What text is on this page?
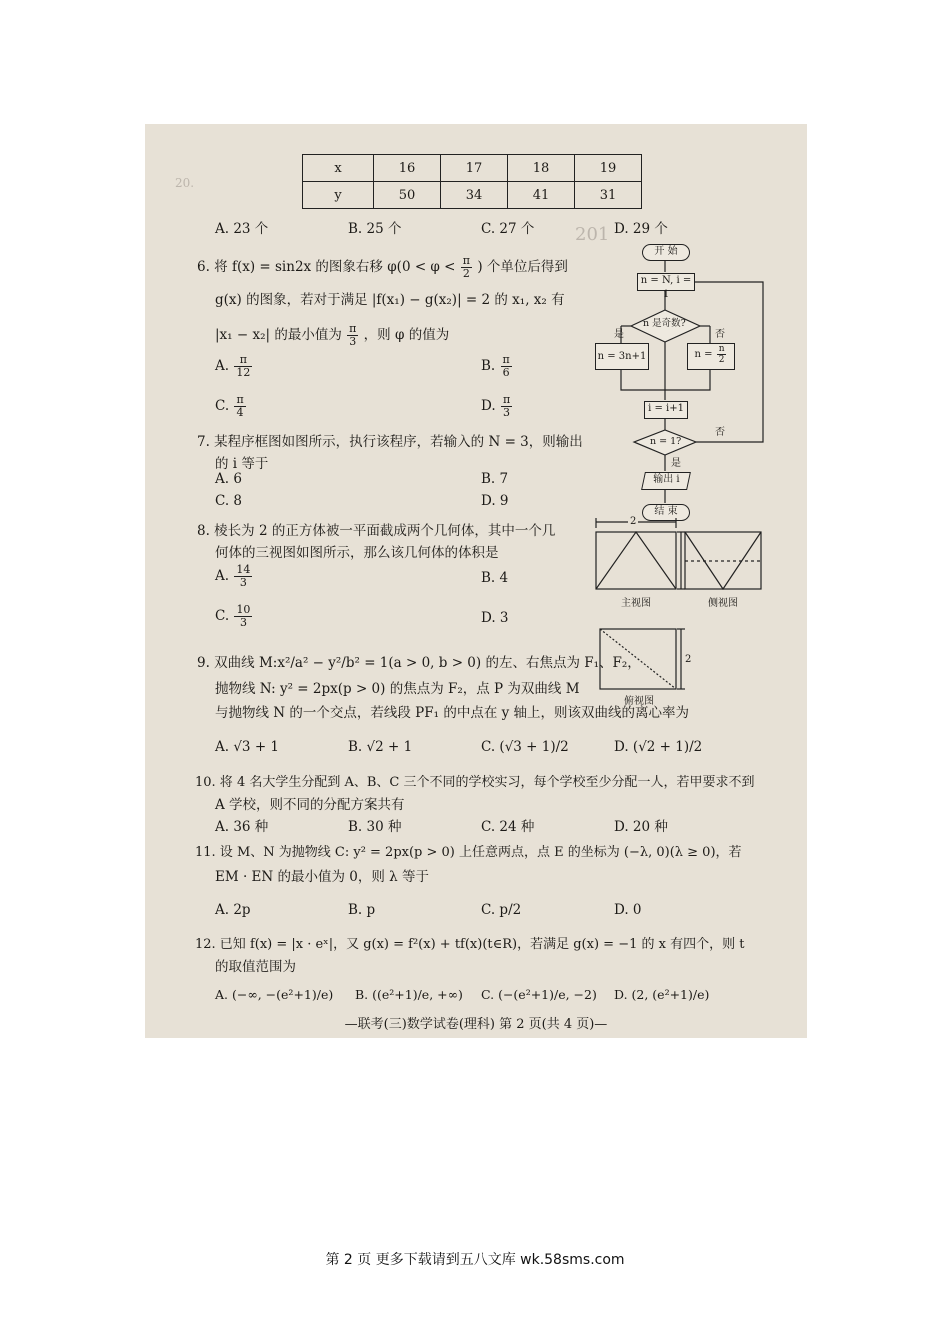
20.
201
x	16	17	18	19
y	50	34	41	31
A. 23 个	B. 25 个	C. 27 个	D. 29 个
6. 将 f(x) = sin2x 的图象右移 $\varphi(0 < \varphi < \frac{\pi}{2}$ ) 个单位后得到
g(x) 的图象，若对于满足 |f(x₁) − g(x₂)| = 2 的 x₁, x₂ 有
|x₁ − x₂| 的最小值为 $\frac{\pi}{3}$ ，则 φ 的值为
A. $\frac{\pi}{12}$	B. $\frac{\pi}{6}$
C. $\frac{\pi}{4}$	D. $\frac{\pi}{3}$
7. 某程序框图如图所示，执行该程序，若输入的 N = 3，则输出
的 i 等于
A. 6	B. 7
C. 8	D. 9
开 始
n = N, i = 1
n 是奇数?
是	否
n = 3n+1	$n = \frac{n}{2}$
i = i+1
否
n = 1?
是
输出 i
结 束
8. 棱长为 2 的正方体被一平面截成两个几何体，其中一个几
何体的三视图如图所示，那么该几何体的体积是
A. $\frac{14}{3}$	B. 4
C. $\frac{10}{3}$	D. 3
2
2
主视图	侧视图
俯视图
9. 双曲线 M:x²/a² − y²/b² = 1(a > 0, b > 0) 的左、右焦点为 F₁、F₂，
抛物线 N: y² = 2px(p > 0) 的焦点为 F₂，点 P 为双曲线 M
与抛物线 N 的一个交点，若线段 PF₁ 的中点在 y 轴上，则该双曲线的离心率为
A. √3 + 1	B. √2 + 1	C. (√3 + 1)/2	D. (√2 + 1)/2
10. 将 4 名大学生分配到 A、B、C 三个不同的学校实习，每个学校至少分配一人，若甲要求不到
A 学校，则不同的分配方案共有
A. 36 种	B. 30 种	C. 24 种	D. 20 种
11. 设 M、N 为抛物线 C: y² = 2px(p > 0) 上任意两点，点 E 的坐标为 (−λ, 0)(λ ≥ 0)，若
EM · EN 的最小值为 0，则 λ 等于
A. 2p	B. p	C. p/2	D. 0
12. 已知 f(x) = |x · eˣ|，又 g(x) = f²(x) + tf(x)(t∈R)，若满足 g(x) = −1 的 x 有四个，则 t
的取值范围为
A. (−∞, −(e²+1)/e) B. ((e²+1)/e, +∞) C. (−(e²+1)/e, −2) D. (2, (e²+1)/e)
—联考(三)数学试卷(理科) 第 2 页(共 4 页)—
第 2 页 更多下载请到五八文库 wk.58sms.com
